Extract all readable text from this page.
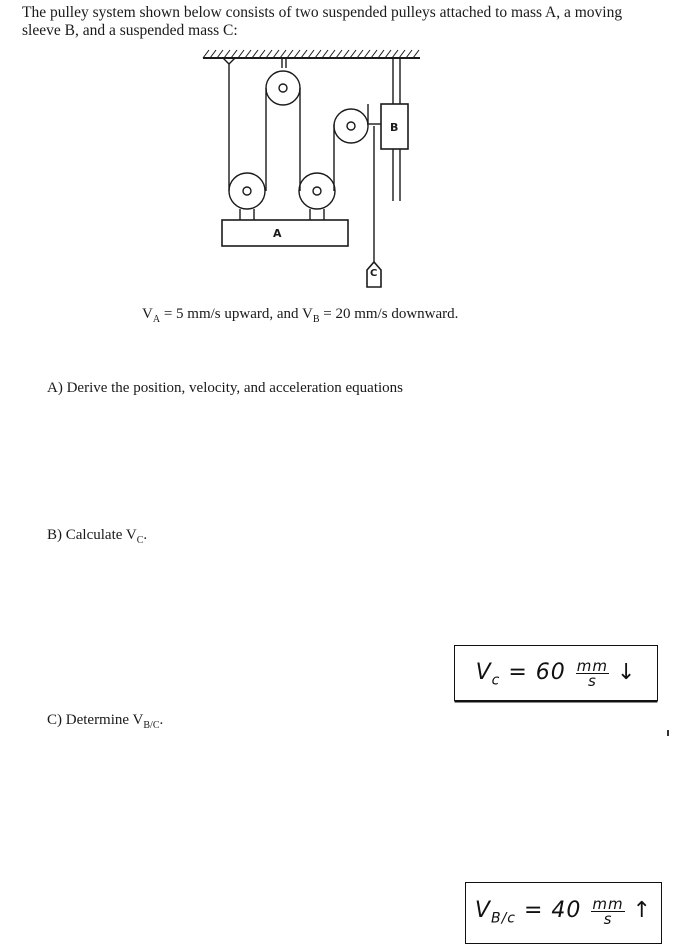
The pulley system shown below consists of two suspended pulleys attached to mass A, a moving sleeve B, and a suspended mass C:
A
B
C
$V_A = 5$ mm/s upward, and $V_B = 20$ mm/s downward.
A) Derive the position, velocity, and acceleration equations
B) Calculate $V_C$.
$V_c = 60 \frac{mm}{s}$ ↓
C) Determine $V_{B/C}$.
$V_{B/c} = 40 \frac{mm}{s}$ ↑
